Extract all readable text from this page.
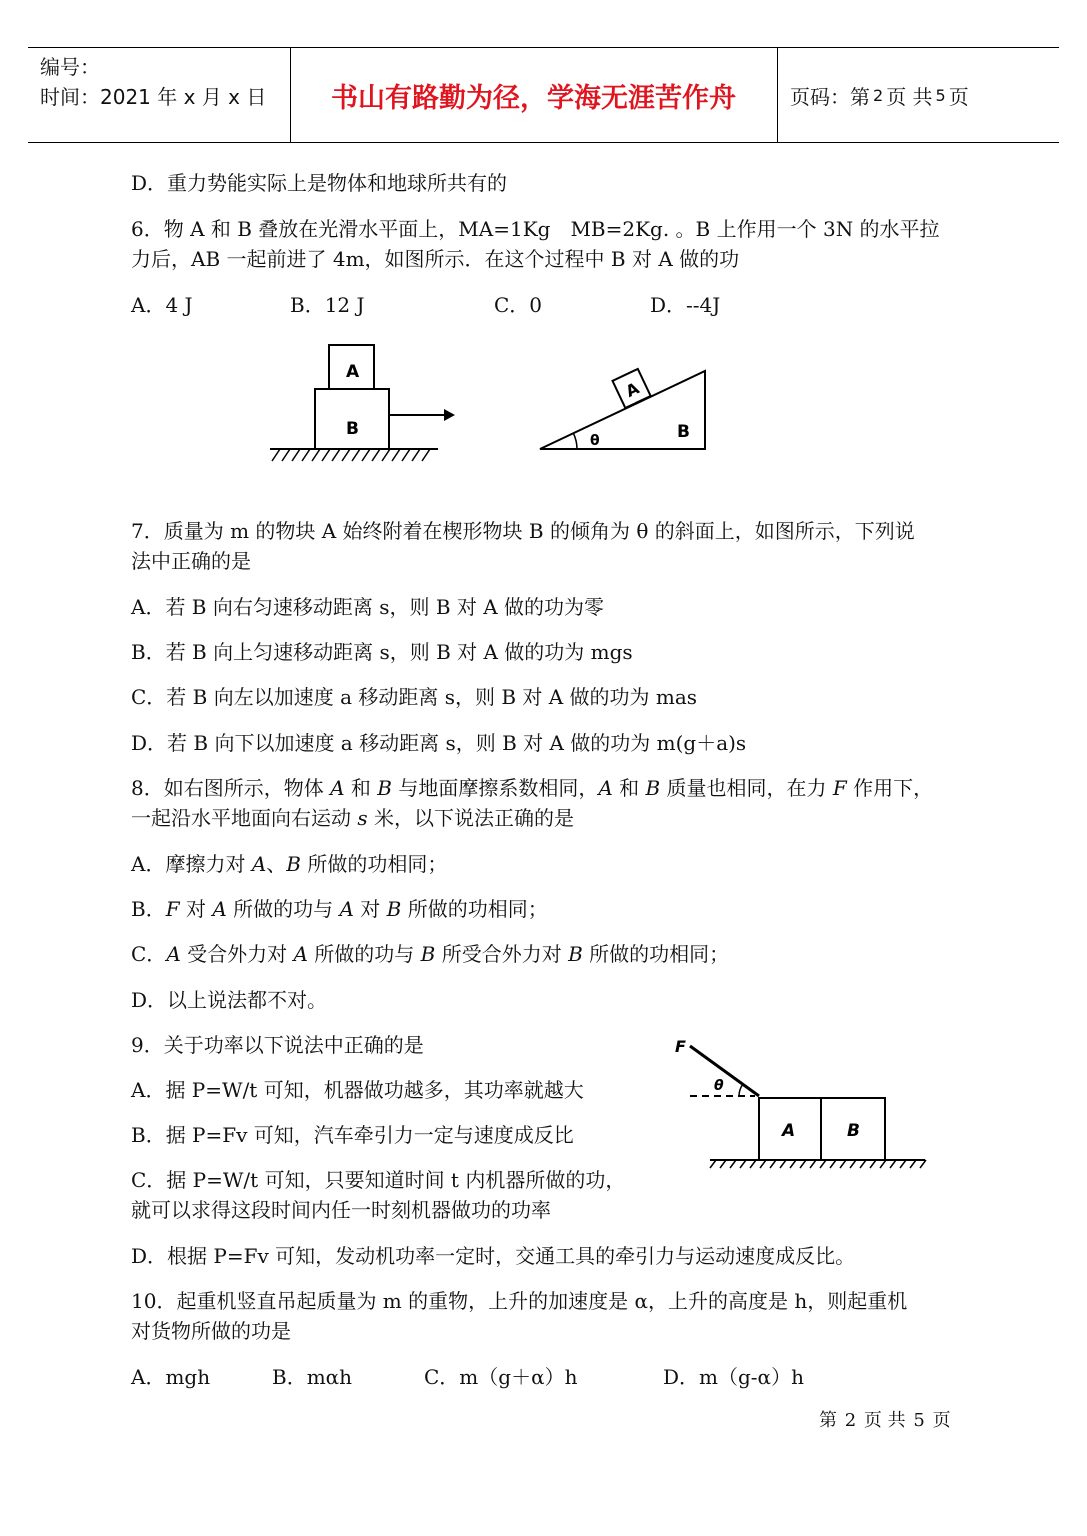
编号：
时间：2021 年 x 月 x 日	书山有路勤为径，学海无涯苦作舟	页码：第 2 页 共 5 页
D．重力势能实际上是物体和地球所共有的
6．物 A 和 B 叠放在光滑水平面上，MA=1Kg　MB=2Kg. 。B 上作用一个 3N 的水平拉
力后，AB 一起前进了 4m，如图所示．在这个过程中 B 对 A 做的功
A．4 J	B．12 J	C．0	D．--4J
A
B
A
θ	B
7．质量为 m 的物块 A 始终附着在楔形物块 B 的倾角为 θ 的斜面上，如图所示，下列说
法中正确的是
A．若 B 向右匀速移动距离 s，则 B 对 A 做的功为零
B．若 B 向上匀速移动距离 s，则 B 对 A 做的功为 mgs
C．若 B 向左以加速度 a 移动距离 s，则 B 对 A 做的功为 mas
D．若 B 向下以加速度 a 移动距离 s，则 B 对 A 做的功为 m(g＋a)s
8．如右图所示，物体 A 和 B 与地面摩擦系数相同，A 和 B 质量也相同，在力 F 作用下，
一起沿水平地面向右运动 s 米，以下说法正确的是
A．摩擦力对 A、B 所做的功相同；
B．F 对 A 所做的功与 A 对 B 所做的功相同；
C．A 受合外力对 A 所做的功与 B 所受合外力对 B 所做的功相同；
D．以上说法都不对。
θ
F
A	B
9．关于功率以下说法中正确的是
A．据 P=W/t 可知，机器做功越多，其功率就越大
B．据 P=Fv 可知，汽车牵引力一定与速度成反比
C．据 P=W/t 可知，只要知道时间 t 内机器所做的功，
就可以求得这段时间内任一时刻机器做功的功率
D．根据 P=Fv 可知，发动机功率一定时，交通工具的牵引力与运动速度成反比。
10．起重机竖直吊起质量为 m 的重物，上升的加速度是 α，上升的高度是 h，则起重机
对货物所做的功是
A．mgh	B．mαh	C．m（g＋α）h	D．m（g-α）h
第 2 页 共 5 页
